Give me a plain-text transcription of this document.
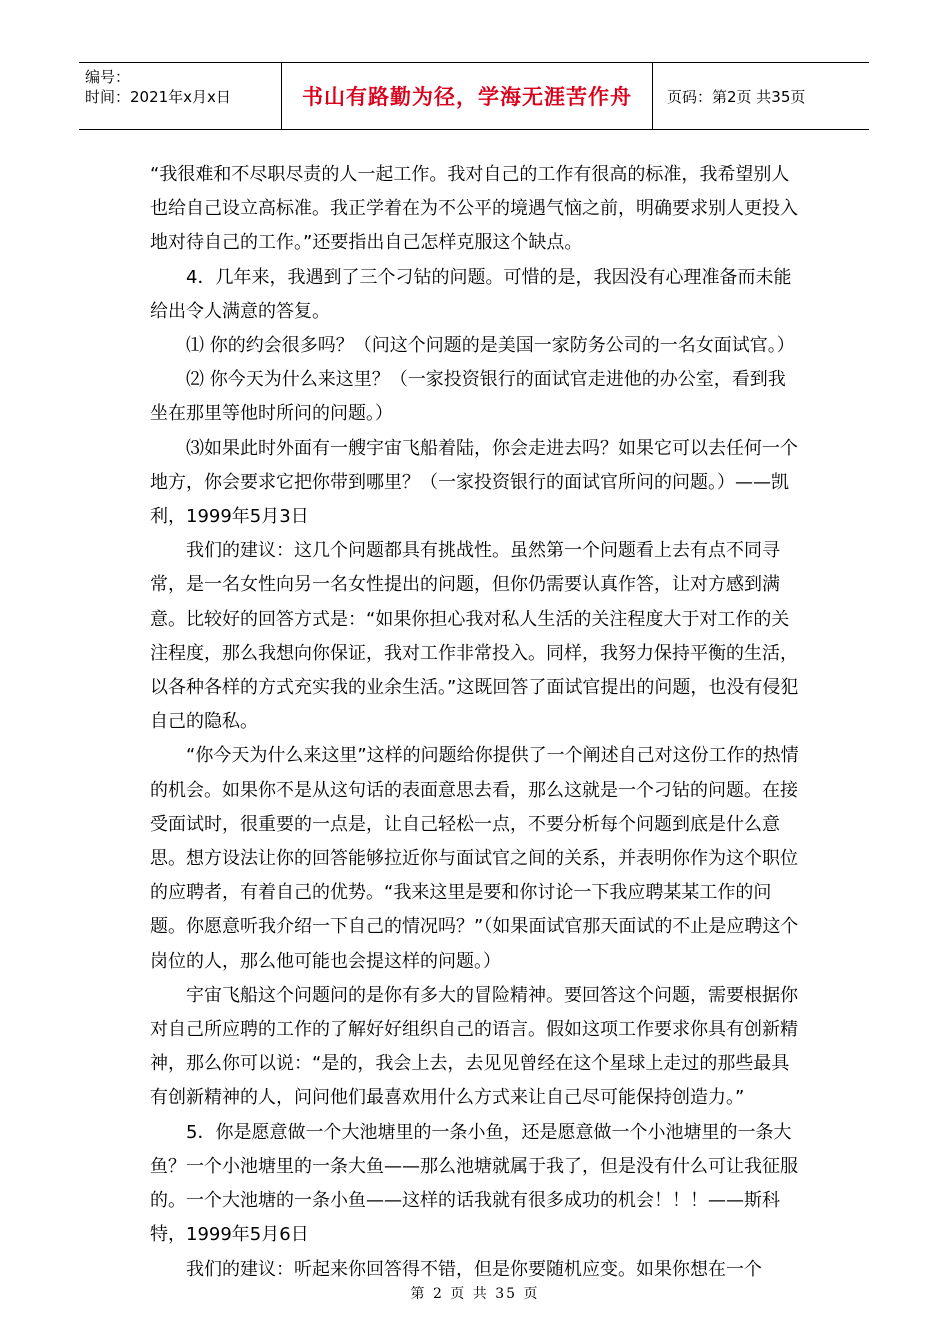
编号：
时间：2021年x月x日	书山有路勤为径，学海无涯苦作舟 页码：第2页 共35页

“我很难和不尽职尽责的人一起工作。我对自己的工作有很高的标准，我希望别人也给自己设立高标准。我正学着在为不公平的境遇气恼之前，明确要求别人更投入地对待自己的工作。”还要指出自己怎样克服这个缺点。

4．几年来，我遇到了三个刁钻的问题。可惜的是，我因没有心理准备而未能给出令人满意的答复。

⑴ 你的约会很多吗？（问这个问题的是美国一家防务公司的一名女面试官。）

⑵ 你今天为什么来这里？（一家投资银行的面试官走进他的办公室，看到我坐在那里等他时所问的问题。）

⑶如果此时外面有一艘宇宙飞船着陆，你会走进去吗？如果它可以去任何一个地方，你会要求它把你带到哪里？（一家投资银行的面试官所问的问题。）——凯利，1999年5月3日

我们的建议：这几个问题都具有挑战性。虽然第一个问题看上去有点不同寻常，是一名女性向另一名女性提出的问题，但你仍需要认真作答，让对方感到满意。比较好的回答方式是：“如果你担心我对私人生活的关注程度大于对工作的关注程度，那么我想向你保证，我对工作非常投入。同样，我努力保持平衡的生活，以各种各样的方式充实我的业余生活。”这既回答了面试官提出的问题，也没有侵犯自己的隐私。

“你今天为什么来这里”这样的问题给你提供了一个阐述自己对这份工作的热情的机会。如果你不是从这句话的表面意思去看，那么这就是一个刁钻的问题。在接受面试时，很重要的一点是，让自己轻松一点，不要分析每个问题到底是什么意思。想方设法让你的回答能够拉近你与面试官之间的关系，并表明你作为这个职位的应聘者，有着自己的优势。“我来这里是要和你讨论一下我应聘某某工作的问题。你愿意听我介绍一下自己的情况吗？”（如果面试官那天面试的不止是应聘这个岗位的人，那么他可能也会提这样的问题。）

宇宙飞船这个问题问的是你有多大的冒险精神。要回答这个问题，需要根据你对自己所应聘的工作的了解好好组织自己的语言。假如这项工作要求你具有创新精神，那么你可以说：“是的，我会上去，去见见曾经在这个星球上走过的那些最具有创新精神的人，问问他们最喜欢用什么方式来让自己尽可能保持创造力。”

5．你是愿意做一个大池塘里的一条小鱼，还是愿意做一个小池塘里的一条大鱼？一个小池塘里的一条大鱼——那么池塘就属于我了，但是没有什么可让我征服的。一个大池塘的一条小鱼——这样的话我就有很多成功的机会！！！——斯科特，1999年5月6日

我们的建议：听起来你回答得不错，但是你要随机应变。如果你想在一个

第 2 页 共 35 页
